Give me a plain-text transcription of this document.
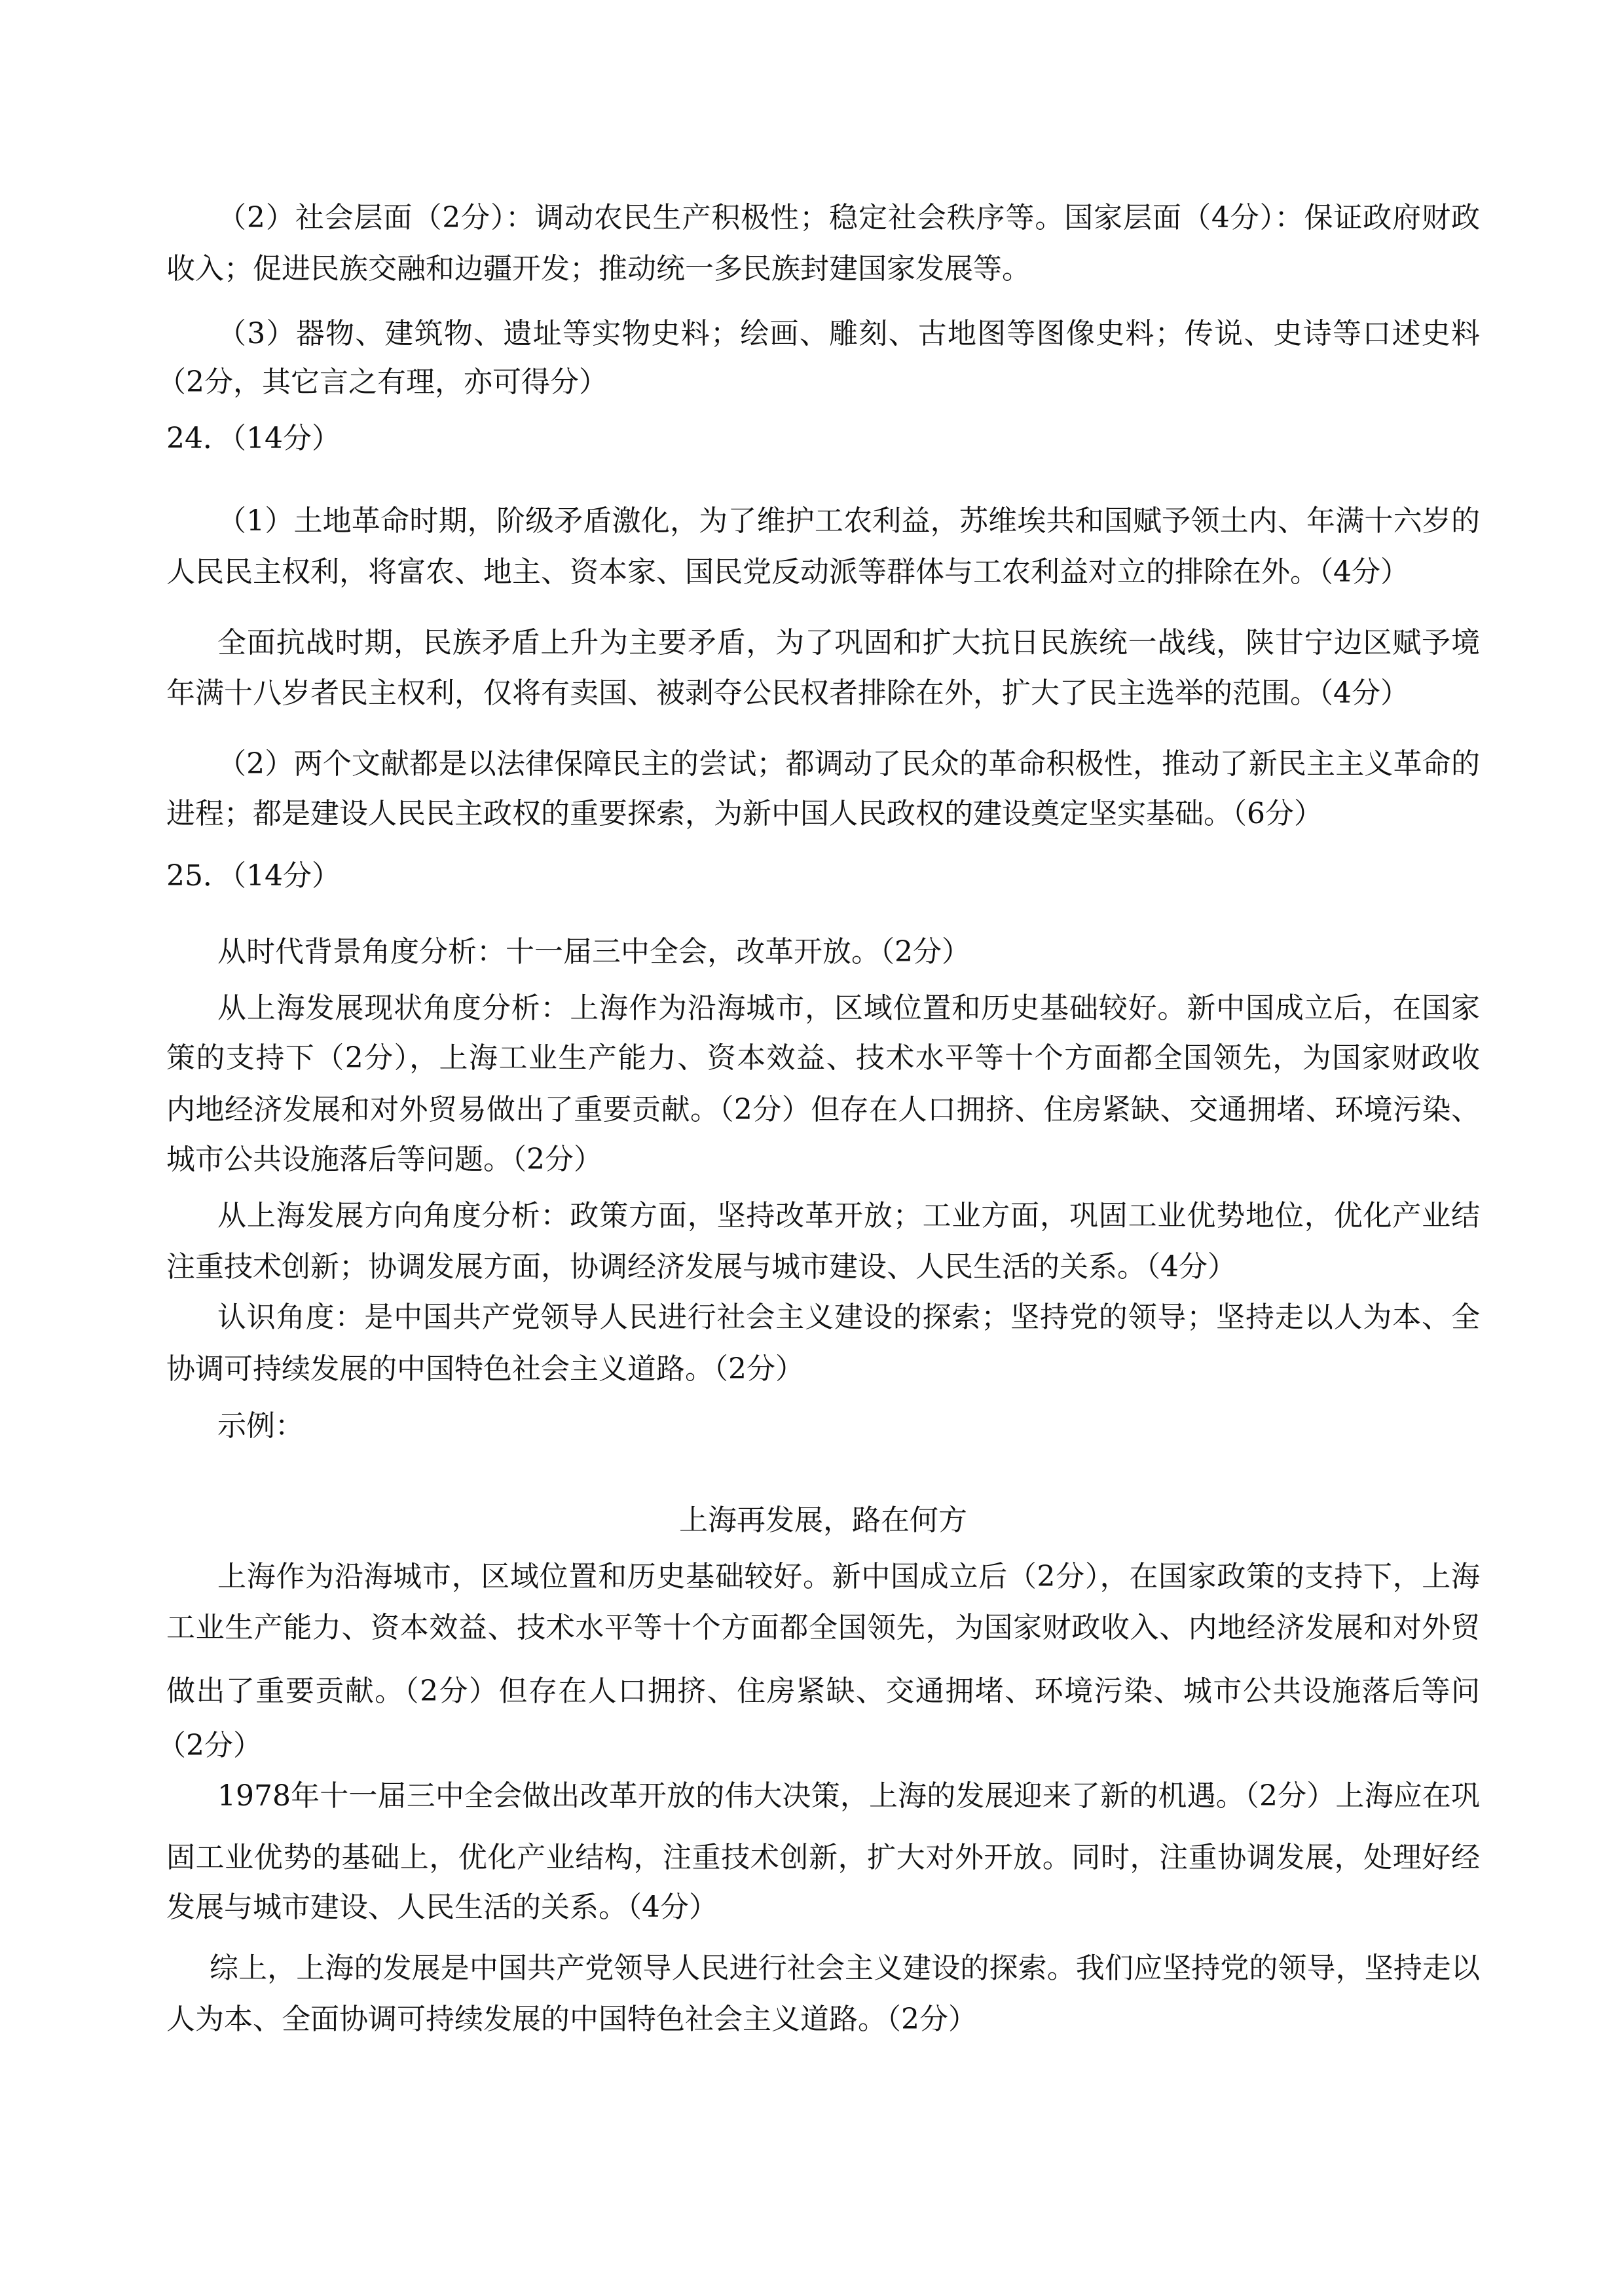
（2）社会层面（2分）：调动农民生产积极性；稳定社会秩序等。国家层面（4分）：保证政府财政
收入；促进民族交融和边疆开发；推动统一多民族封建国家发展等。
（3）器物、建筑物、遗址等实物史料；绘画、雕刻、古地图等图像史料；传说、史诗等口述史料
（2分，其它言之有理，亦可得分）
24．（14分）
（1）土地革命时期，阶级矛盾激化，为了维护工农利益，苏维埃共和国赋予领土内、年满十六岁的
人民民主权利，将富农、地主、资本家、国民党反动派等群体与工农利益对立的排除在外。（4分）
全面抗战时期，民族矛盾上升为主要矛盾，为了巩固和扩大抗日民族统一战线，陕甘宁边区赋予境
年满十八岁者民主权利，仅将有卖国、被剥夺公民权者排除在外，扩大了民主选举的范围。（4分）
（2）两个文献都是以法律保障民主的尝试；都调动了民众的革命积极性，推动了新民主主义革命的
进程；都是建设人民民主政权的重要探索，为新中国人民政权的建设奠定坚实基础。（6分）
25．（14分）
从时代背景角度分析：十一届三中全会，改革开放。（2分）
从上海发展现状角度分析：上海作为沿海城市，区域位置和历史基础较好。新中国成立后，在国家
策的支持下（2分），上海工业生产能力、资本效益、技术水平等十个方面都全国领先，为国家财政收
内地经济发展和对外贸易做出了重要贡献。（2分）但存在人口拥挤、住房紧缺、交通拥堵、环境污染、
城市公共设施落后等问题。（2分）
从上海发展方向角度分析：政策方面，坚持改革开放；工业方面，巩固工业优势地位，优化产业结
注重技术创新；协调发展方面，协调经济发展与城市建设、人民生活的关系。（4分）
认识角度：是中国共产党领导人民进行社会主义建设的探索；坚持党的领导；坚持走以人为本、全
协调可持续发展的中国特色社会主义道路。（2分）
示例：
上海再发展，路在何方
上海作为沿海城市，区域位置和历史基础较好。新中国成立后（2分），在国家政策的支持下，上海
工业生产能力、资本效益、技术水平等十个方面都全国领先，为国家财政收入、内地经济发展和对外贸
做出了重要贡献。（2分）但存在人口拥挤、住房紧缺、交通拥堵、环境污染、城市公共设施落后等问
（2分）
1978年十一届三中全会做出改革开放的伟大决策，上海的发展迎来了新的机遇。（2分）上海应在巩
固工业优势的基础上，优化产业结构，注重技术创新，扩大对外开放。同时，注重协调发展，处理好经
发展与城市建设、人民生活的关系。（4分）
综上，上海的发展是中国共产党领导人民进行社会主义建设的探索。我们应坚持党的领导，坚持走以
人为本、全面协调可持续发展的中国特色社会主义道路。（2分）
